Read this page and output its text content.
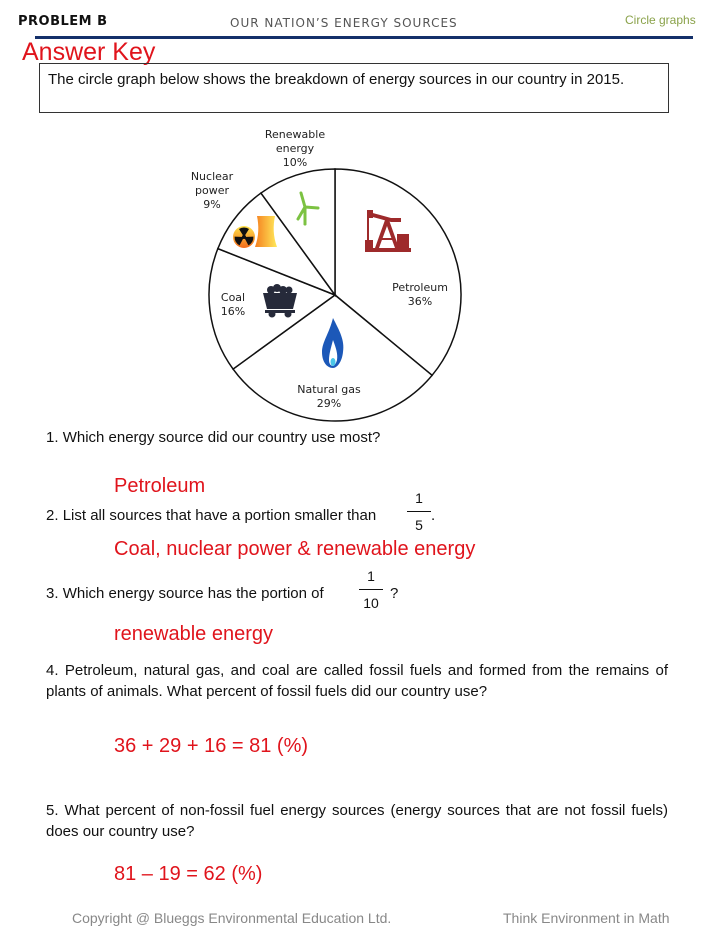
PROBLEM B	OUR NATION’S ENERGY SOURCES	Circle graphs
Answer Key
The circle graph below shows the breakdown of energy sources in our country in 2015.
Petroleum 36%
Natural gas 29%
Coal 16%
Nuclear power 9%
Renewable energy 10%
1. Which energy source did our country use most?
Petroleum
2. List all sources that have a portion smaller than
1
5
.
Coal, nuclear power & renewable energy
3. Which energy source has the portion of
1
10
?
renewable energy
4. Petroleum, natural gas, and coal are called fossil fuels and formed from the remains of plants of animals. What percent of fossil fuels did our country use?
36 + 29 + 16 = 81 (%)
5. What percent of non-fossil fuel energy sources (energy sources that are not fossil fuels) does our country use?
81 – 19 = 62 (%)
Copyright @ Blueggs Environmental Education Ltd.	Think Environment in Math
